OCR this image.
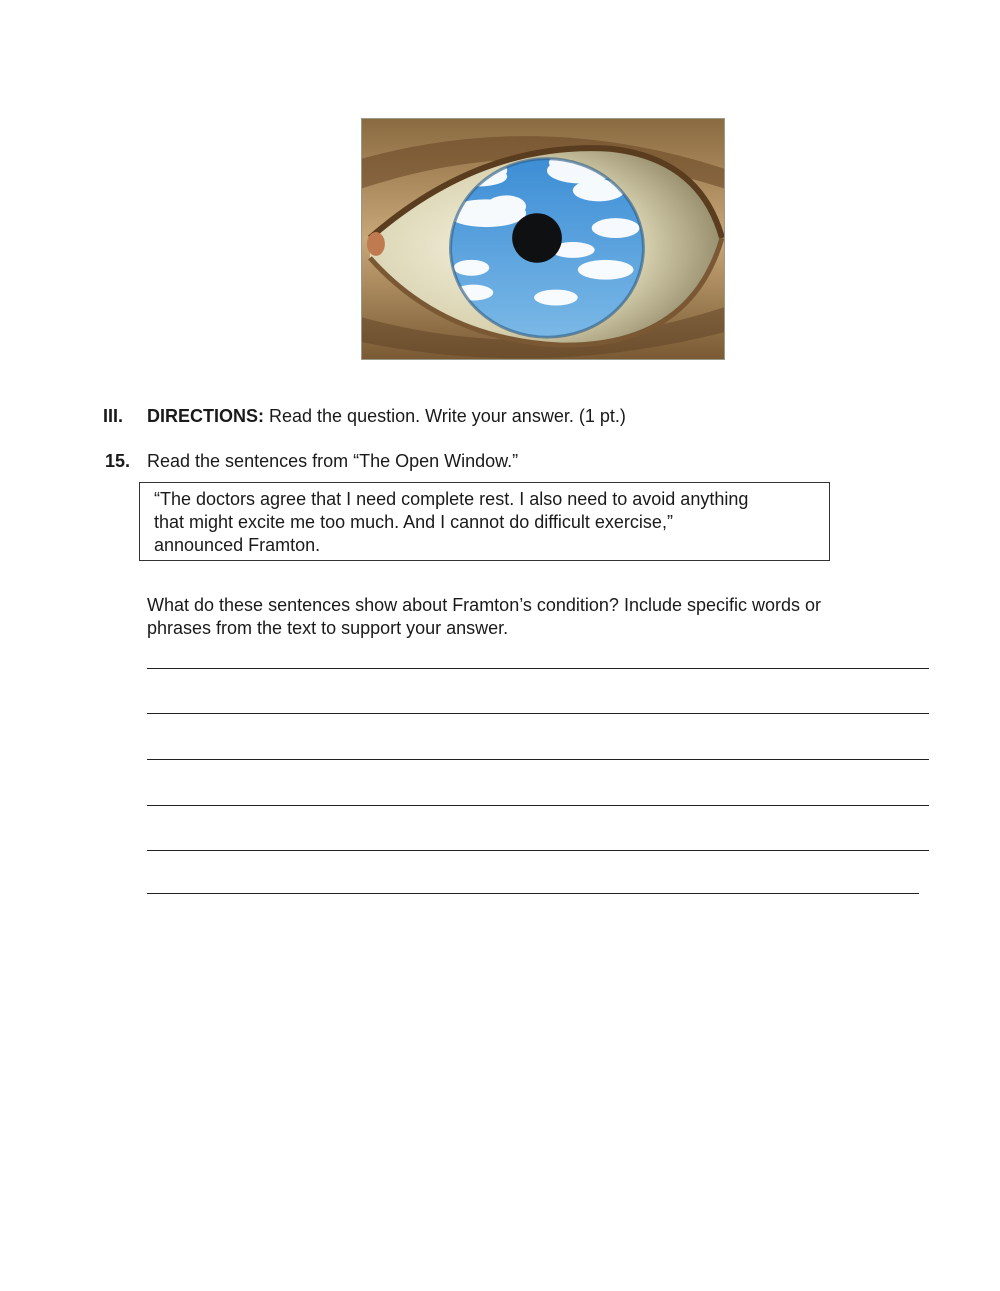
III. DIRECTIONS: Read the question. Write your answer. (1 pt.)
15. Read the sentences from “The Open Window.”
“The doctors agree that I need complete rest. I also need to avoid anything
that might excite me too much. And I cannot do difficult exercise,”
announced Framton.
What do these sentences show about Framton’s condition? Include specific words or
phrases from the text to support your answer.
